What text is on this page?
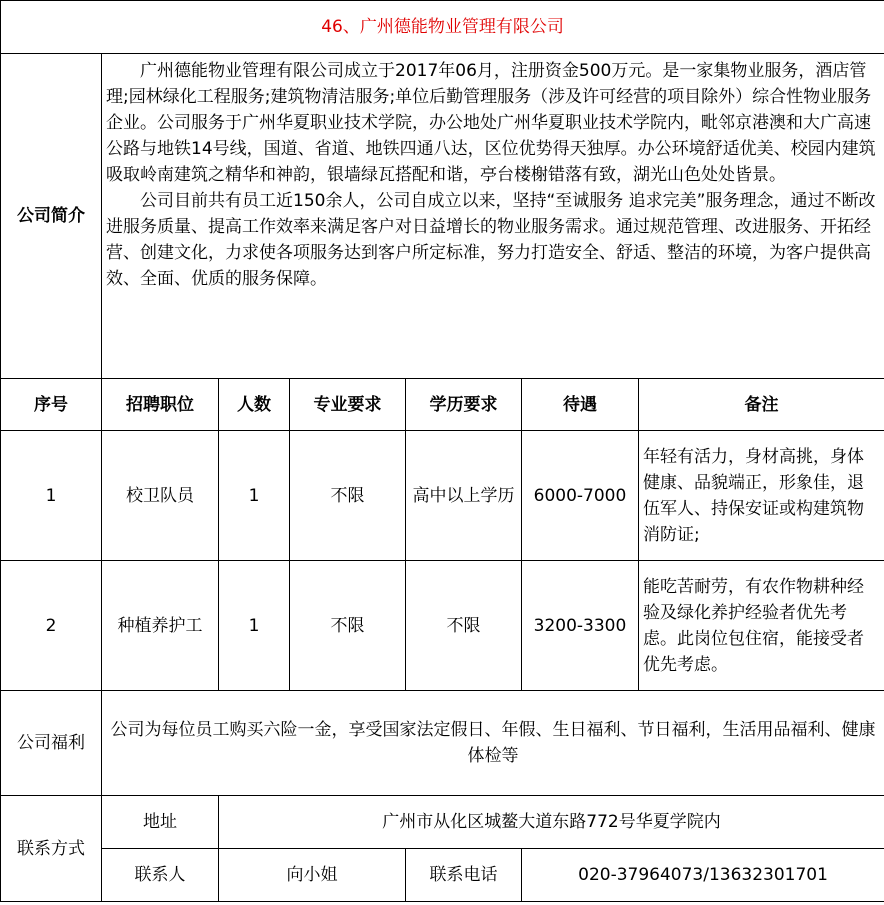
46、广州德能物业管理有限公司						
公司简介	广州德能物业管理有限公司成立于2017年06月，注册资金500万元。是一家集物业服务，酒店管理;园林绿化工程服务;建筑物清洁服务;单位后勤管理服务（涉及许可经营的项目除外）综合性物业服务企业。公司服务于广州华夏职业技术学院，办公地处广州华夏职业技术学院内，毗邻京港澳和大广高速公路与地铁14号线，国道、省道、地铁四通八达，区位优势得天独厚。办公环境舒适优美、校园内建筑吸取岭南建筑之精华和神韵，银墙绿瓦搭配和谐，亭台楼榭错落有致，湖光山色处处皆景。

公司目前共有员工近150余人，公司自成立以来，坚持“至诚服务 追求完美”服务理念，通过不断改进服务质量、提高工作效率来满足客户对日益增长的物业服务需求。通过规范管理、改进服务、开拓经营、创建文化，力求使各项服务达到客户所定标准，努力打造安全、舒适、整洁的环境，为客户提供高效、全面、优质的服务保障。					

序号	招聘职位	人数	专业要求	学历要求	待遇	备注
1	校卫队员	1	不限	高中以上学历	6000-7000	年轻有活力，身材高挑，身体健康、品貌端正，形象佳，退伍军人、持保安证或构建筑物消防证;
2	种植养护工	1	不限	不限	3200-3300	能吃苦耐劳，有农作物耕种经验及绿化养护经验者优先考虑。此岗位包住宿，能接受者优先考虑。
公司福利	公司为每位员工购买六险一金，享受国家法定假日、年假、生日福利、节日福利，生活用品福利、健康体检等					
联系方式	地址	广州市从化区城鳌大道东路772号华夏学院内				
	联系人	向小姐		联系电话	020-37964073/13632301701	
